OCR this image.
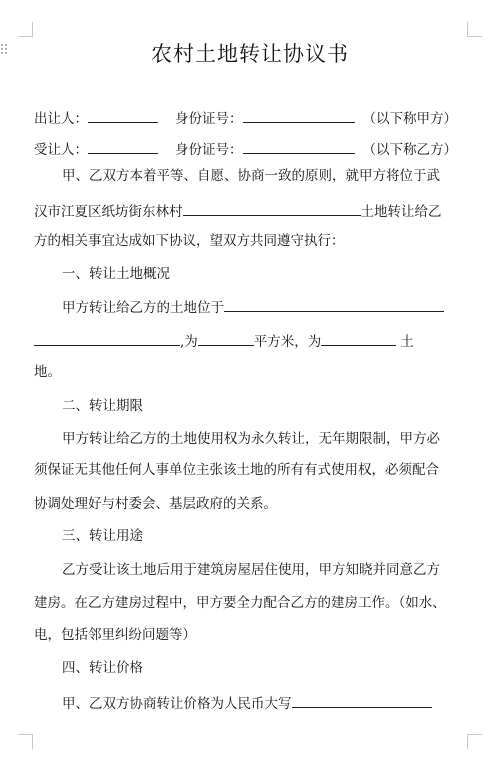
农村土地转让协议书
出让人：	身份证号：	（以下称甲方）
受让人：	身份证号：	（以下称乙方）
甲、乙双方本着平等、自愿、协商一致的原则，就甲方将位于武
汉市江夏区纸坊街东林村	土地转让给乙
方的相关事宜达成如下协议，望双方共同遵守执行：
一、转让土地概况
甲方转让给乙方的土地位于
,为	平方米，为	土
地。
二、转让期限
甲方转让给乙方的土地使用权为永久转让，无年期限制，甲方必
须保证无其他任何人事单位主张该土地的所有有式使用权，必须配合
协调处理好与村委会、基层政府的关系。
三、转让用途
乙方受让该土地后用于建筑房屋居住使用，甲方知晓并同意乙方
建房。在乙方建房过程中，甲方要全力配合乙方的建房工作。（如水、
电，包括邻里纠纷问题等）
四、转让价格
甲、乙双方协商转让价格为人民币大写
